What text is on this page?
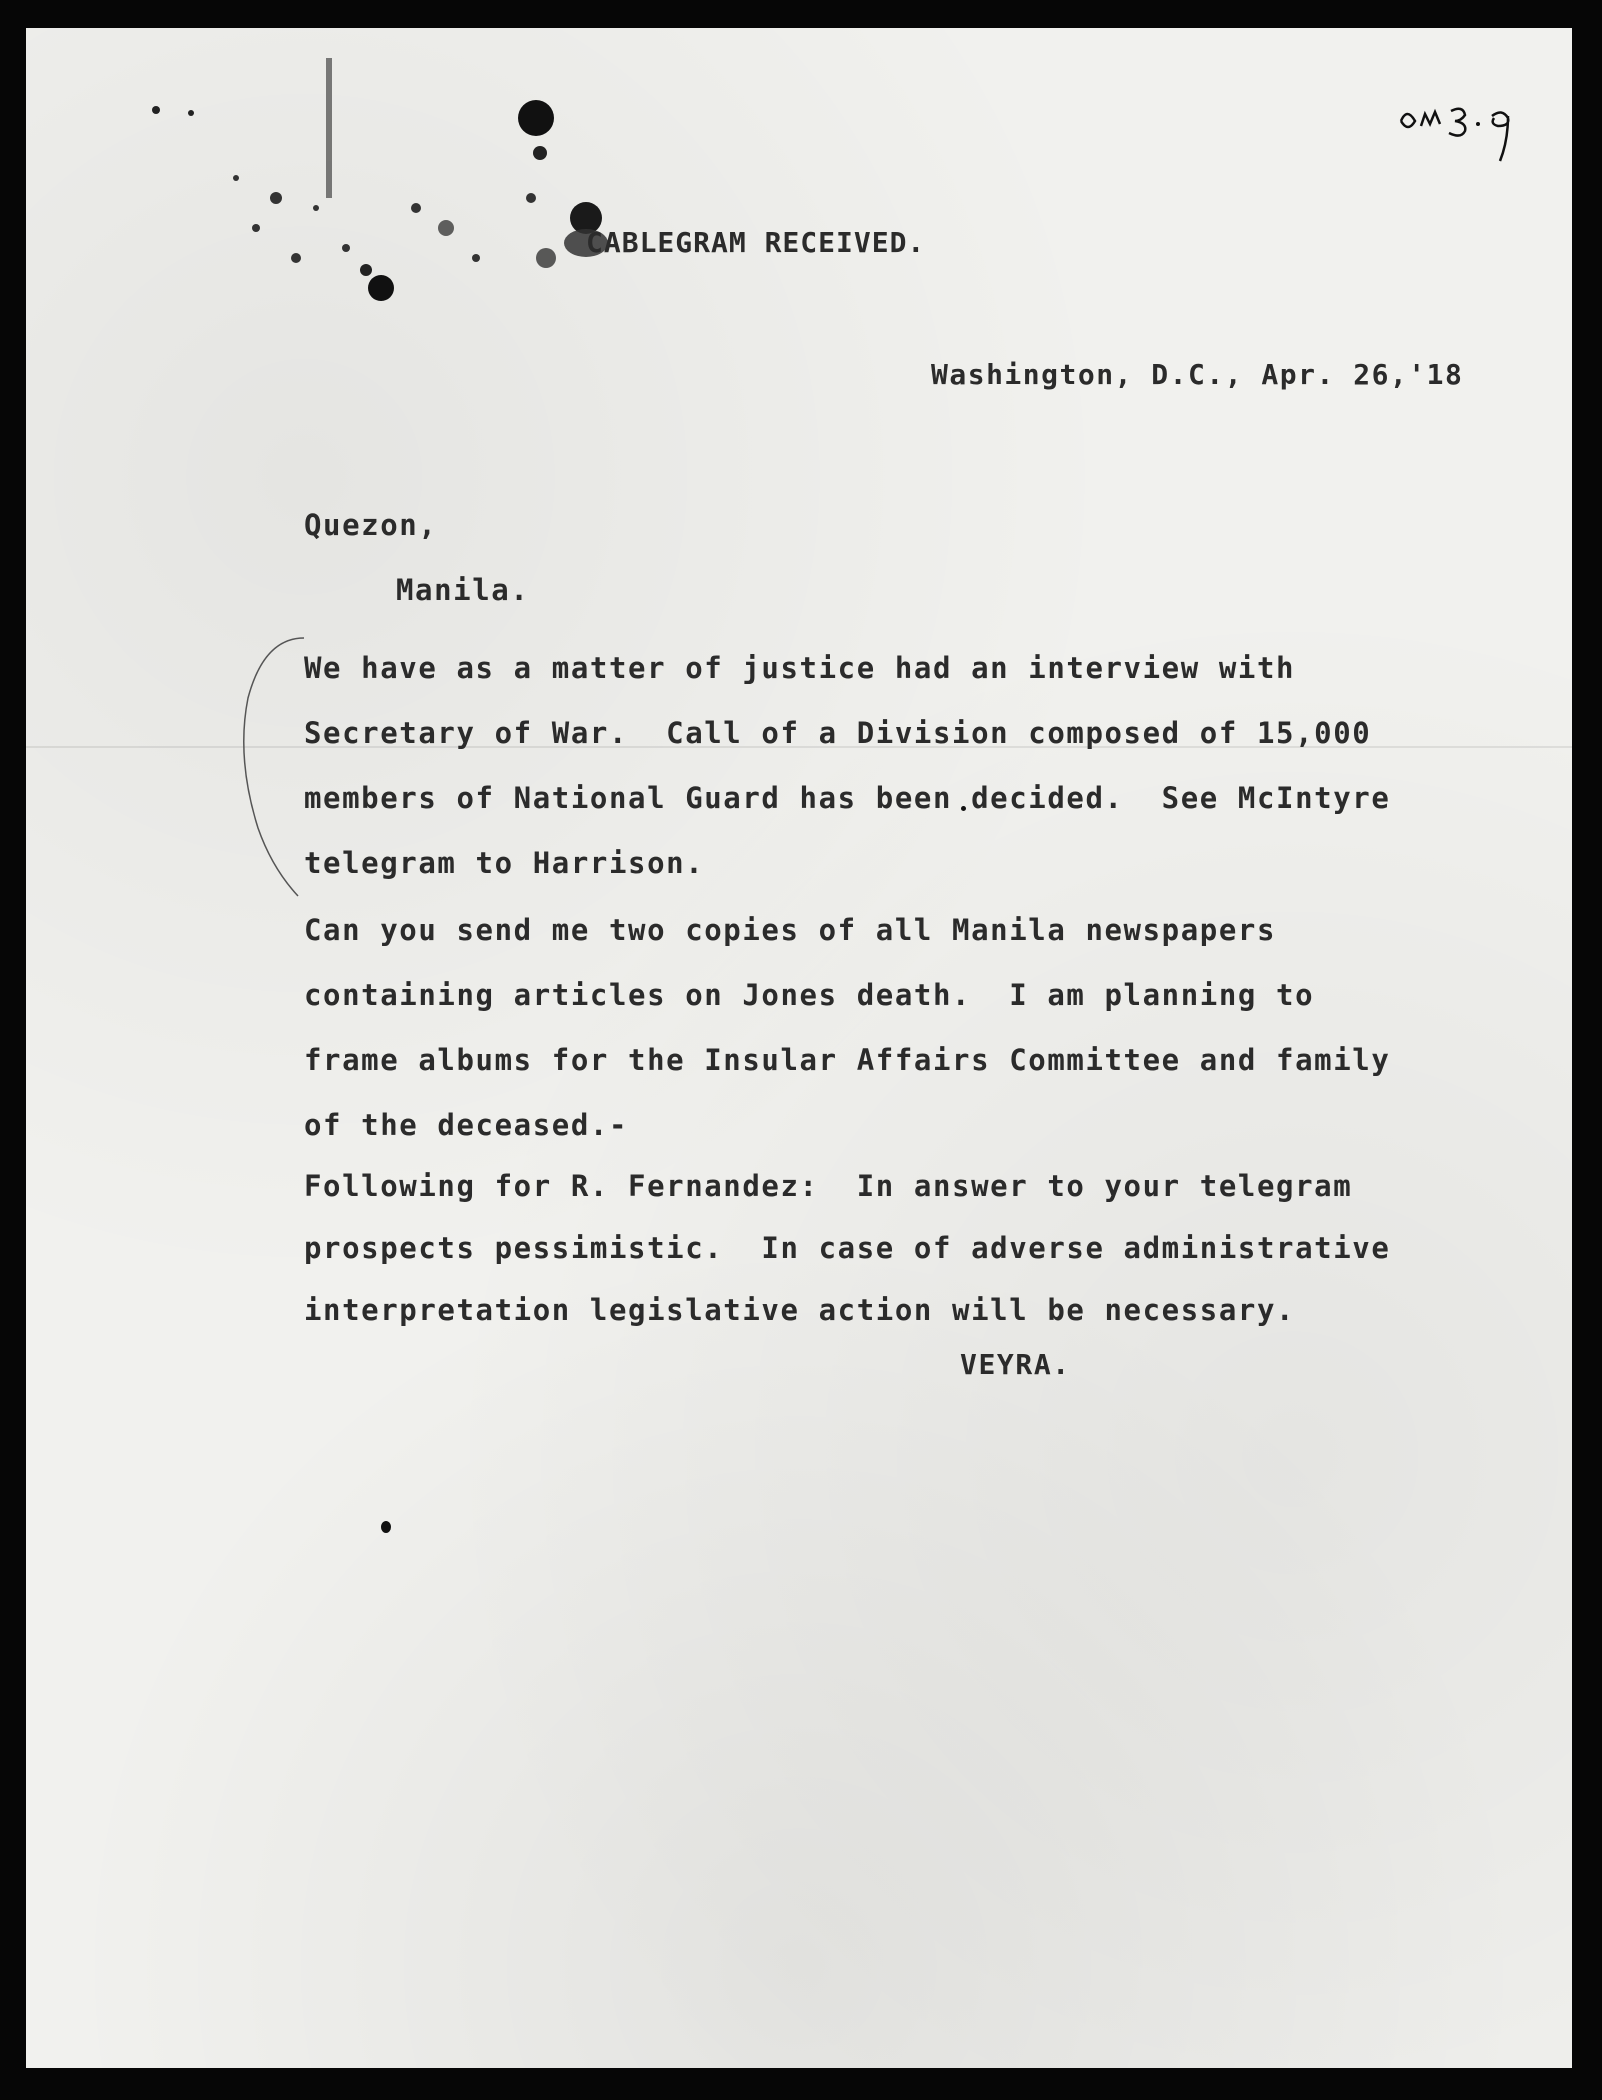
CABLEGRAM RECEIVED.
Washington, D.C., Apr. 26,'18
Quezon,
Manila.
We have as a matter of justice had an interview with
Secretary of War.  Call of a Division composed of 15,000
members of National Guard has been decided.  See McIntyre
telegram to Harrison.
Can you send me two copies of all Manila newspapers
containing articles on Jones death.  I am planning to
frame albums for the Insular Affairs Committee and family
of the deceased.-
Following for R. Fernandez:  In answer to your telegram
prospects pessimistic.  In case of adverse administrative
interpretation legislative action will be necessary.
VEYRA.
